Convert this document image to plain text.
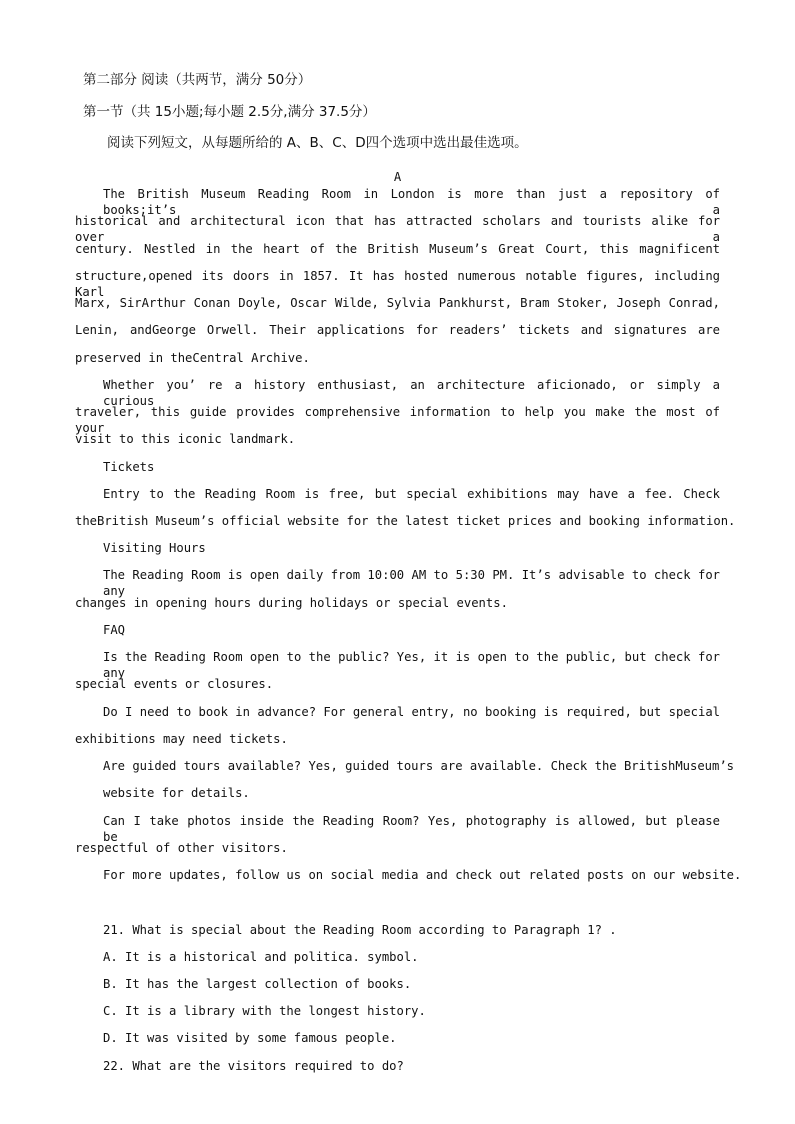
第二部分 阅读（共两节，满分 50分）
第一节（共 15小题;每小题 2.5分,满分 37.5分）
阅读下列短文，从每题所给的 A、B、C、D四个选项中选出最佳选项。
A
The British Museum Reading Room in London is more than just a repository of books;it’s a
historical and architectural icon that has attracted scholars and tourists alike for over a
century. Nestled in the heart of the British Museum’s Great Court, this magnificent
structure,opened its doors in 1857. It has hosted numerous notable figures, including Karl
Marx, SirArthur Conan Doyle, Oscar Wilde, Sylvia Pankhurst, Bram Stoker, Joseph Conrad,
Lenin, andGeorge Orwell. Their applications for readers’ tickets and signatures are
preserved in theCentral Archive.
Whether you’ re a history enthusiast, an architecture aficionado, or simply a curious
traveler, this guide provides comprehensive information to help you make the most of your
visit to this iconic landmark.
Tickets
Entry to the Reading Room is free, but special exhibitions may have a fee. Check
theBritish Museum’s official website for the latest ticket prices and booking information.
Visiting Hours
The Reading Room is open daily from 10:00 AM to 5:30 PM. It’s advisable to check for any
changes in opening hours during holidays or special events.
FAQ
Is the Reading Room open to the public? Yes, it is open to the public, but check for any
special events or closures.
Do I need to book in advance? For general entry, no booking is required, but special
exhibitions may need tickets.
Are guided tours available? Yes, guided tours are available. Check the BritishMuseum’s
website for details.
Can I take photos inside the Reading Room? Yes, photography is allowed, but please be
respectful of other visitors.
For more updates, follow us on social media and check out related posts on our website.
21. What is special about the Reading Room according to Paragraph 1? .
A. It is a historical and politica. symbol.
B. It has the largest collection of books.
C. It is a library with the longest history.
D. It was visited by some famous people.
22. What are the visitors required to do?
